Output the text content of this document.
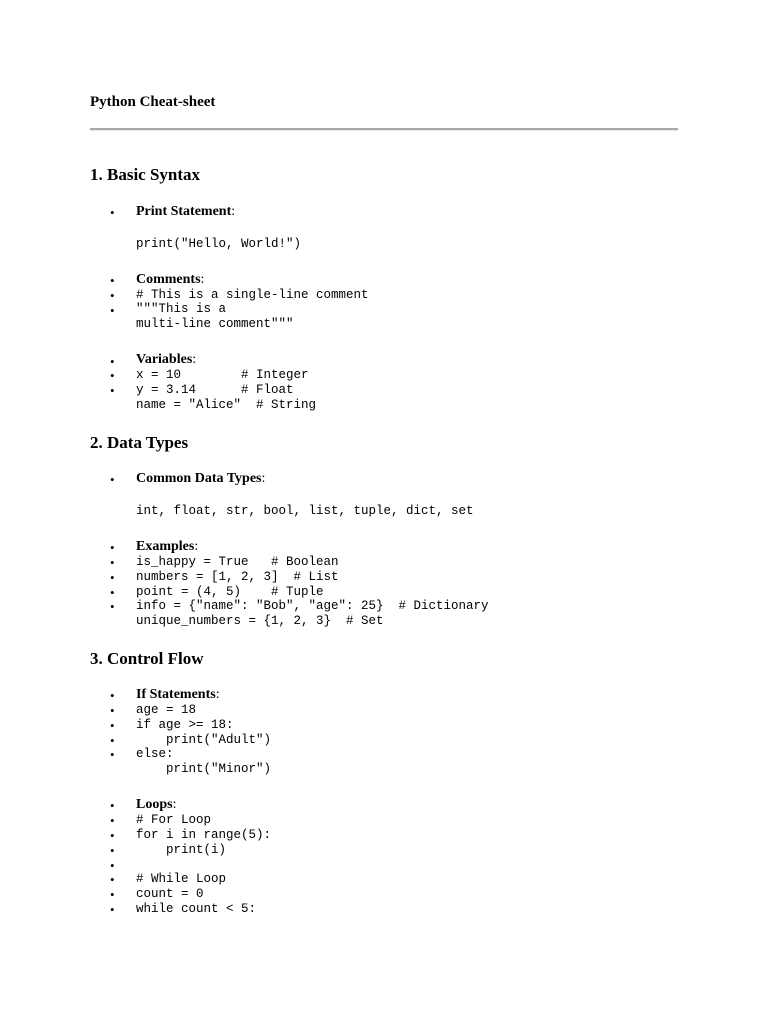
Python Cheat-sheet
1. Basic Syntax
• Print Statement:
print("Hello, World!")
• Comments:
• # This is a single-line comment
• """This is a
multi-line comment"""
• Variables:
• x = 10        # Integer
• y = 3.14      # Float
name = "Alice"  # String
2. Data Types
• Common Data Types:
int, float, str, bool, list, tuple, dict, set
• Examples:
• is_happy = True   # Boolean
• numbers = [1, 2, 3]  # List
• point = (4, 5)    # Tuple
• info = {"name": "Bob", "age": 25}  # Dictionary
unique_numbers = {1, 2, 3}  # Set
3. Control Flow
• If Statements:
• age = 18
• if age >= 18:
• print("Adult")
• else:
print("Minor")
• Loops:
• # For Loop
• for i in range(5):
• print(i)
•
• # While Loop
• count = 0
• while count < 5:
